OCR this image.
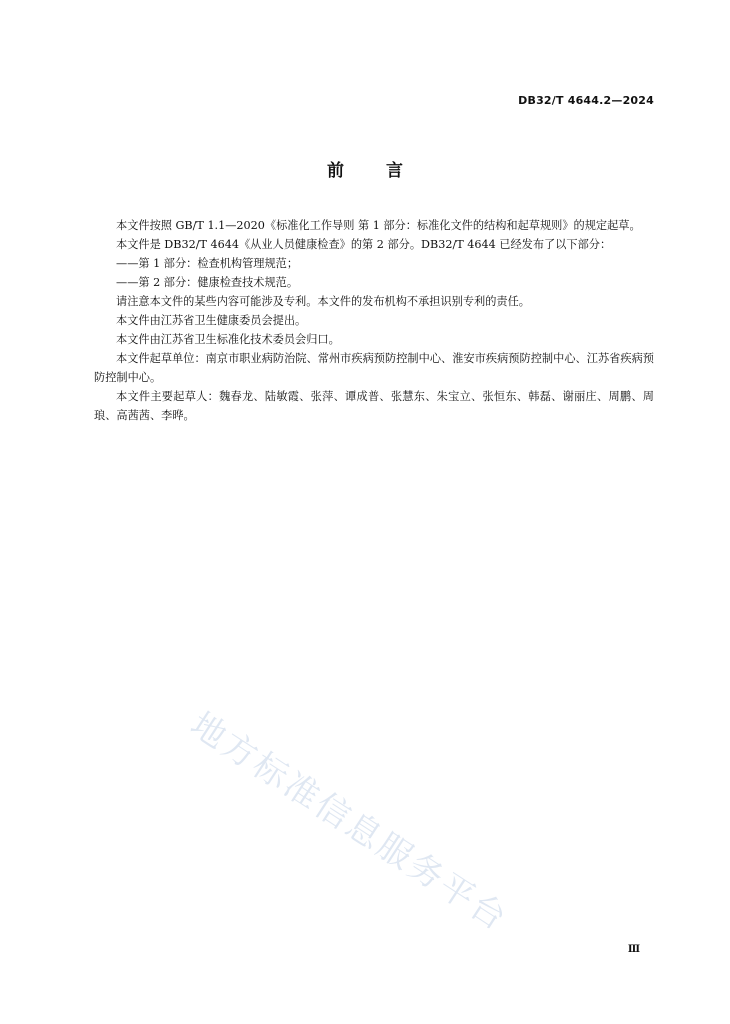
DB32/T 4644.2—2024
前 言

本文件按照 GB/T 1.1—2020《标准化工作导则 第 1 部分：标准化文件的结构和起草规则》的规定起草。

本文件是 DB32/T 4644《从业人员健康检查》的第 2 部分。DB32/T 4644 已经发布了以下部分：

——第 1 部分：检查机构管理规范；

——第 2 部分：健康检查技术规范。

请注意本文件的某些内容可能涉及专利。本文件的发布机构不承担识别专利的责任。

本文件由江苏省卫生健康委员会提出。

本文件由江苏省卫生标准化技术委员会归口。

本文件起草单位：南京市职业病防治院、常州市疾病预防控制中心、淮安市疾病预防控制中心、江苏省疾病预防控制中心。

本文件主要起草人：魏春龙、陆敏霞、张萍、谭成普、张慧东、朱宝立、张恒东、韩磊、谢丽庄、周鹏、周琅、高茜茜、李晔。

地方标准信息服务平台
Ⅲ
